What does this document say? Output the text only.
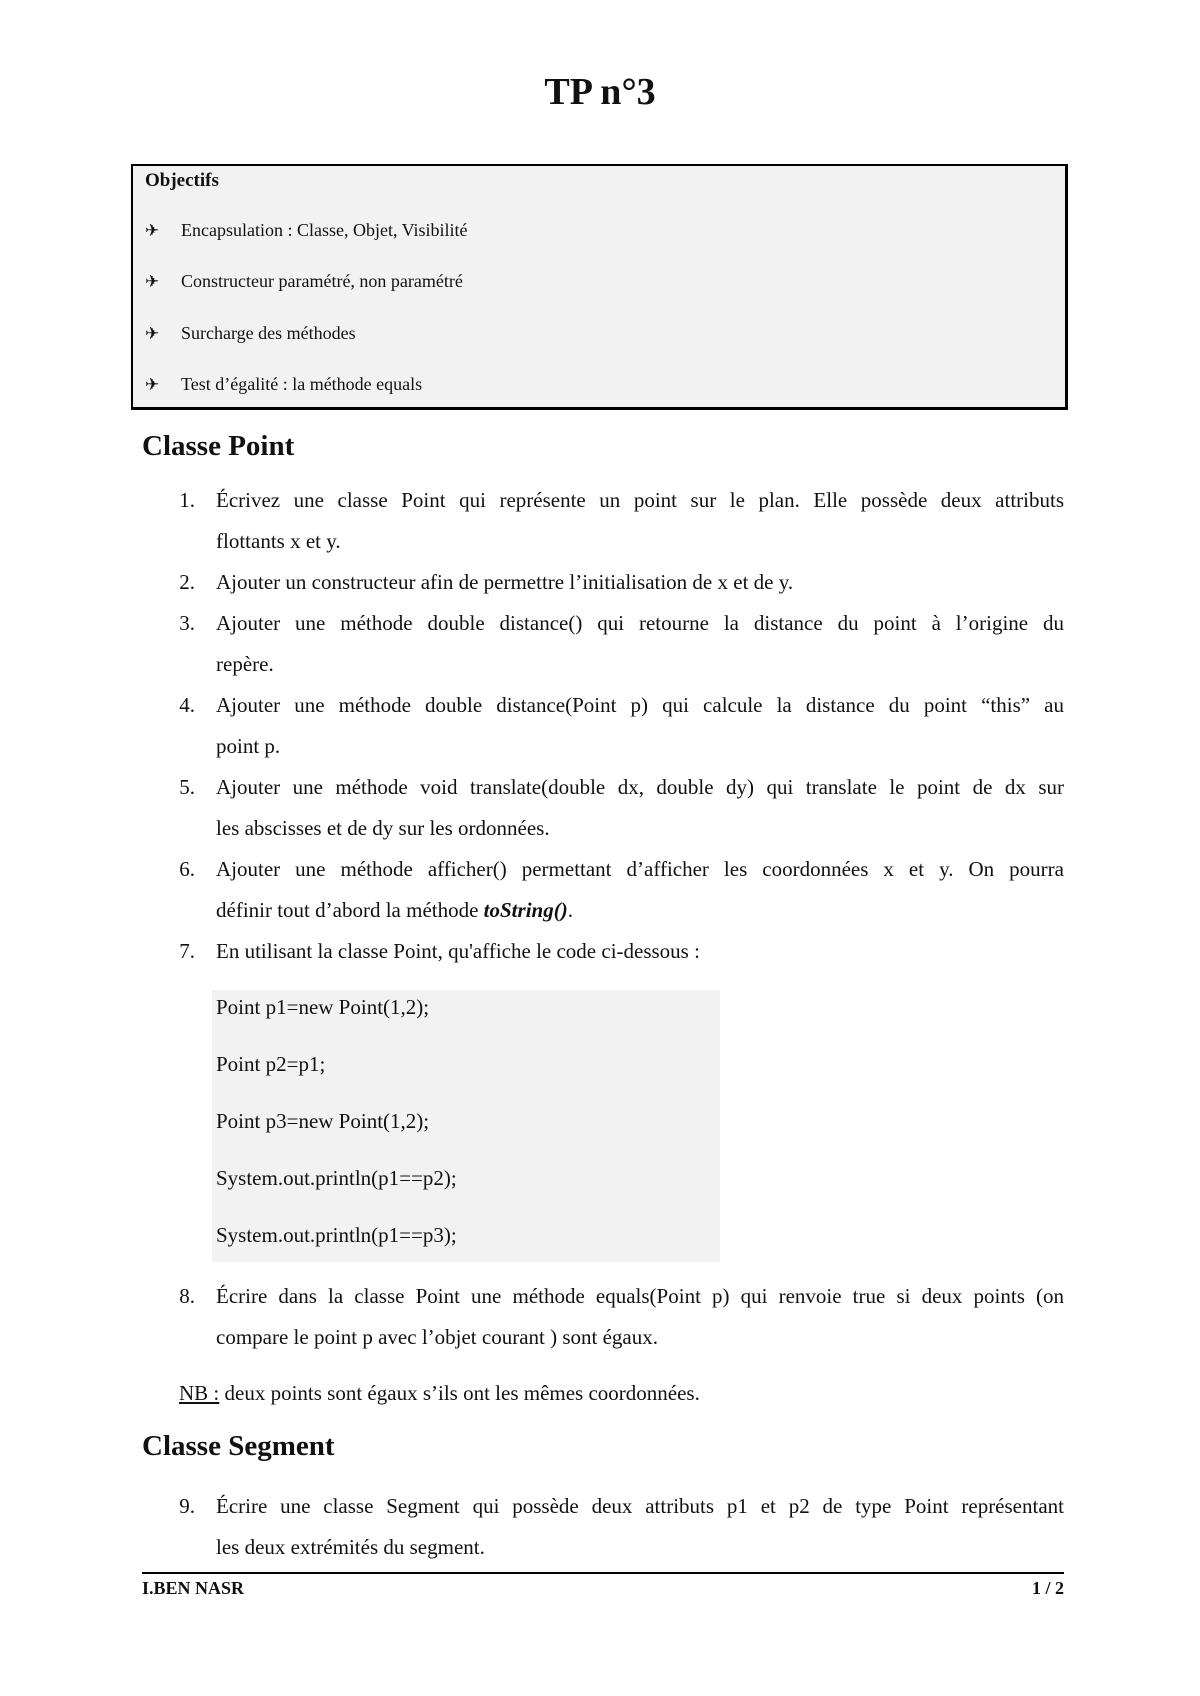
TP n°3
Objectifs
✈ Encapsulation : Classe, Objet, Visibilité
✈ Constructeur paramétré, non paramétré
✈ Surcharge des méthodes
✈ Test d’égalité : la méthode equals
Classe Point
1. Écrivez une classe Point qui représente un point sur le plan. Elle possède deux attributs
flottants x et y.
2. Ajouter un constructeur afin de permettre l’initialisation de x et de y.
3. Ajouter une méthode double distance() qui retourne la distance du point à l’origine du
repère.
4. Ajouter une méthode double distance(Point p) qui calcule la distance du point “this” au
point p.
5. Ajouter une méthode void translate(double dx, double dy) qui translate le point de dx sur
les abscisses et de dy sur les ordonnées.
6. Ajouter une méthode afficher() permettant d’afficher les coordonnées x et y. On pourra
définir tout d’abord la méthode toString().
7. En utilisant la classe Point, qu'affiche le code ci-dessous :
Point p1=new Point(1,2);
Point p2=p1;
Point p3=new Point(1,2);
System.out.println(p1==p2);
System.out.println(p1==p3);
8. Écrire dans la classe Point une méthode equals(Point p) qui renvoie true si deux points (on
compare le point p avec l’objet courant ) sont égaux.
NB : deux points sont égaux s’ils ont les mêmes coordonnées.
Classe Segment
9. Écrire une classe Segment qui possède deux attributs p1 et p2 de type Point représentant
les deux extrémités du segment.
I.BEN NASR	1 / 2
